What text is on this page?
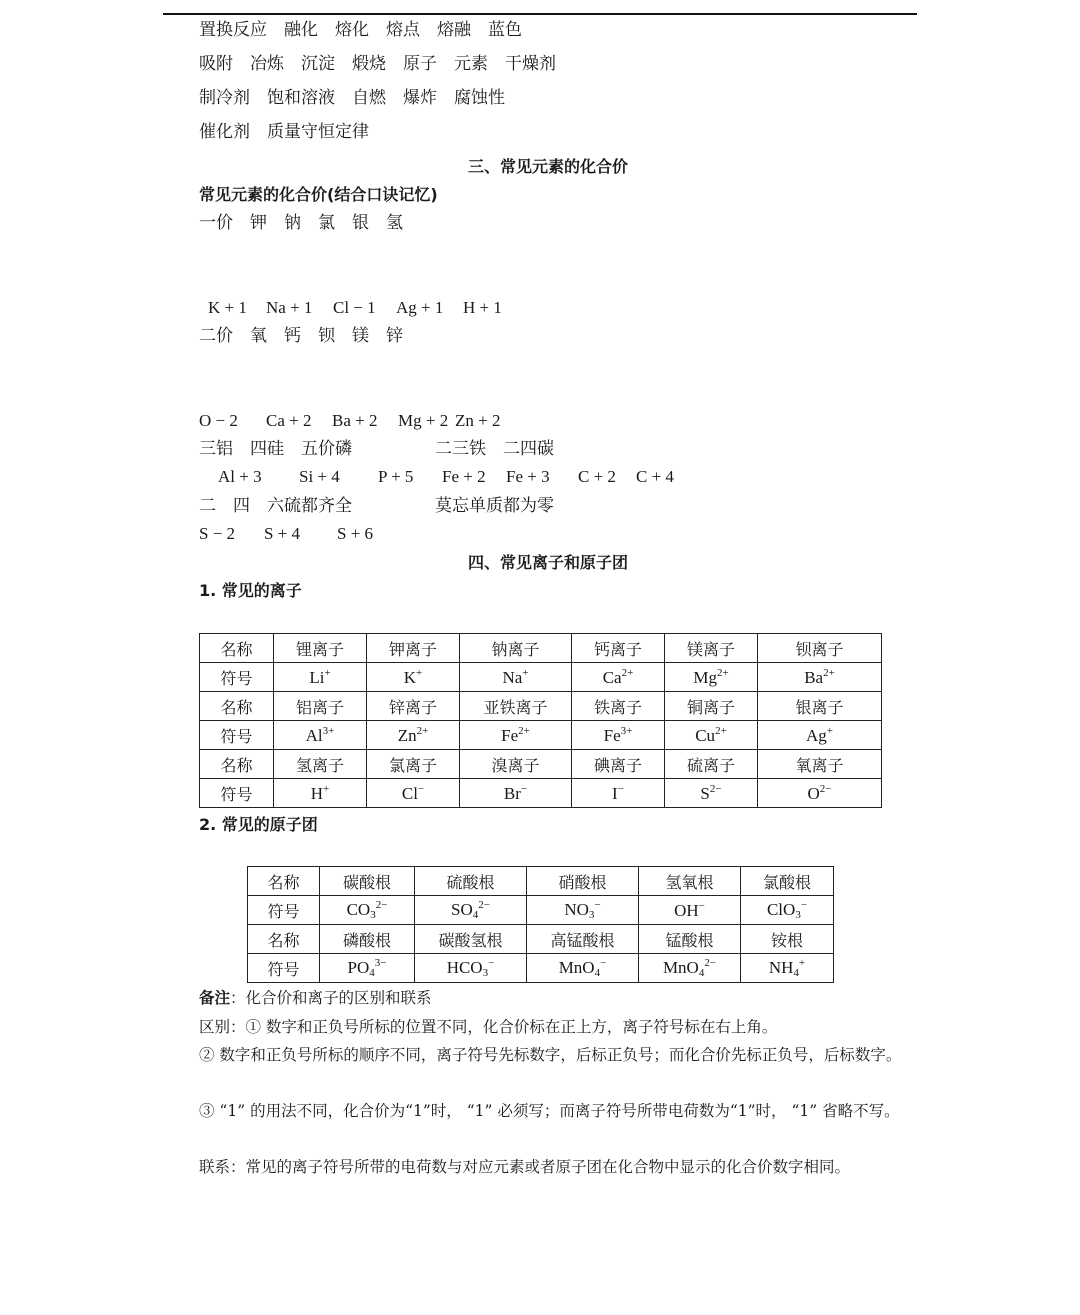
置换反应 融化 熔化 熔点 熔融 蓝色
吸附 冶炼 沉淀 煅烧 原子 元素 干燥剂
制冷剂 饱和溶液 自燃 爆炸 腐蚀性
催化剂 质量守恒定律
三、常见元素的化合价
常见元素的化合价(结合口诀记忆)
一价　钾　钠　氯　银　氢
K + 1 Na + 1 Cl − 1 Ag + 1 H + 1
二价　氧　钙　钡　镁　锌
O − 2 Ca + 2 Ba + 2 Mg + 2 Zn + 2
三铝　四硅　五价磷	二三铁　二四碳
Al + 3 Si + 4 P + 5 Fe + 2 Fe + 3 C + 2 C + 4
二　四　六硫都齐全	莫忘单质都为零
S − 2 S + 4 S + 6
四、常见离子和原子团
1. 常见的离子
名称	锂离子	钾离子	钠离子	钙离子	镁离子	钡离子
符号	Li+	K+	Na+	$Ca^{2+}$	$Mg^{2+}$	$Ba^{2+}$
名称	铝离子	锌离子	亚铁离子	铁离子	铜离子	银离子
符号	$Al^{3+}$	$Zn^{2+}$	$Fe^{2+}$	$Fe^{3+}$	$Cu^{2+}$	Ag+
名称	氢离子	氯离子	溴离子	碘离子	硫离子	氧离子
符号	H+	Cl−	Br−	I−	$S^{2-}$	$O^{2-}$
2. 常见的原子团
名称	碳酸根	硫酸根	硝酸根	氢氧根	氯酸根
符号	$CO_3^{2-}$	$SO_4^{2-}$	$NO_3^-$	OH−	ClO$_3$−
名称	磷酸根	碳酸氢根	高锰酸根	锰酸根	铵根
符号	$PO_4^{3-}$	$HCO_3^-$	MnO$_4$−	MnO$_4^{2-}$	$NH_4^+$
备注：化合价和离子的区别和联系
区别：① 数字和正负号所标的位置不同，化合价标在正上方，离子符号标在右上角。
② 数字和正负号所标的顺序不同，离子符号先标数字，后标正负号；而化合价先标正负号，后标数字。
③ “1” 的用法不同，化合价为“1”时， “1” 必须写；而离子符号所带电荷数为“1”时， “1” 省略不写。
联系：常见的离子符号所带的电荷数与对应元素或者原子团在化合物中显示的化合价数字相同。
